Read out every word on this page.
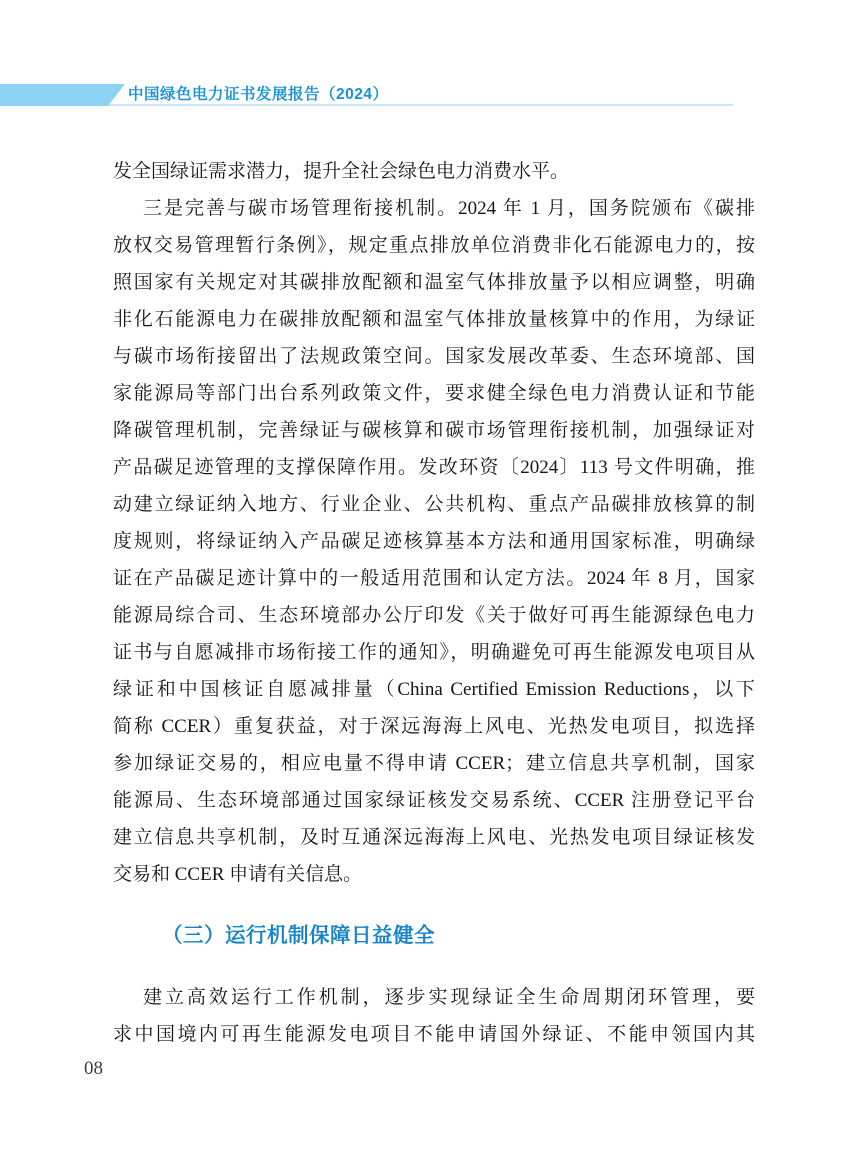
中国绿色电力证书发展报告（2024）
发全国绿证需求潜力，提升全社会绿色电力消费水平。
三是完善与碳市场管理衔接机制。2024 年 1 月，国务院颁布《碳排
放权交易管理暂行条例》，规定重点排放单位消费非化石能源电力的，按
照国家有关规定对其碳排放配额和温室气体排放量予以相应调整，明确
非化石能源电力在碳排放配额和温室气体排放量核算中的作用，为绿证
与碳市场衔接留出了法规政策空间。国家发展改革委、生态环境部、国
家能源局等部门出台系列政策文件，要求健全绿色电力消费认证和节能
降碳管理机制，完善绿证与碳核算和碳市场管理衔接机制，加强绿证对
产品碳足迹管理的支撑保障作用。发改环资〔2024〕113 号文件明确，推
动建立绿证纳入地方、行业企业、公共机构、重点产品碳排放核算的制
度规则，将绿证纳入产品碳足迹核算基本方法和通用国家标准，明确绿
证在产品碳足迹计算中的一般适用范围和认定方法。2024 年 8 月，国家
能源局综合司、生态环境部办公厅印发《关于做好可再生能源绿色电力
证书与自愿减排市场衔接工作的通知》，明确避免可再生能源发电项目从
绿证和中国核证自愿减排量（China Certified Emission Reductions，以下
简称 CCER）重复获益，对于深远海海上风电、光热发电项目，拟选择
参加绿证交易的，相应电量不得申请 CCER；建立信息共享机制，国家
能源局、生态环境部通过国家绿证核发交易系统、CCER 注册登记平台
建立信息共享机制，及时互通深远海海上风电、光热发电项目绿证核发
交易和 CCER 申请有关信息。
（三）运行机制保障日益健全
建立高效运行工作机制，逐步实现绿证全生命周期闭环管理，要
求中国境内可再生能源发电项目不能申请国外绿证、不能申领国内其
08
